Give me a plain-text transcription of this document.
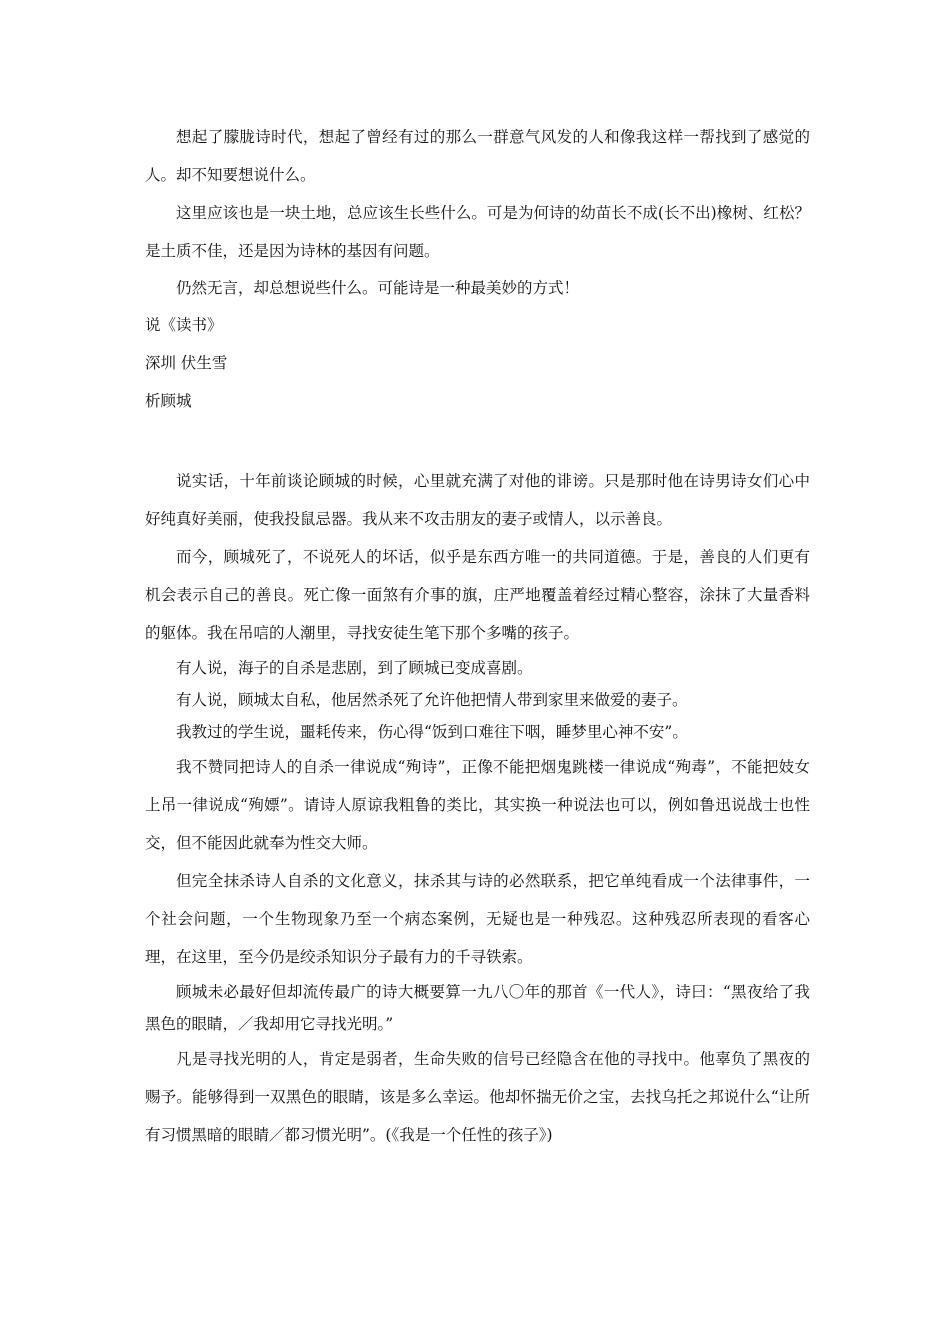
想起了朦胧诗时代，想起了曾经有过的那么一群意气风发的人和像我这样一帮找到了感觉的人。却不知要想说什么。

这里应该也是一块土地，总应该生长些什么。可是为何诗的幼苗长不成(长不出)橡树、红松？是土质不佳，还是因为诗林的基因有问题。

仍然无言，却总想说些什么。可能诗是一种最美妙的方式！

说《读书》

深圳 伏生雪

析顾城

说实话，十年前谈论顾城的时候，心里就充满了对他的诽谤。只是那时他在诗男诗女们心中好纯真好美丽，使我投鼠忌器。我从来不攻击朋友的妻子或情人，以示善良。

而今，顾城死了，不说死人的坏话，似乎是东西方唯一的共同道德。于是，善良的人们更有机会表示自己的善良。死亡像一面煞有介事的旗，庄严地覆盖着经过精心整容，涂抹了大量香料的躯体。我在吊唁的人潮里，寻找安徒生笔下那个多嘴的孩子。

有人说，海子的自杀是悲剧，到了顾城已变成喜剧。

有人说，顾城太自私，他居然杀死了允许他把情人带到家里来做爱的妻子。

我教过的学生说，噩耗传来，伤心得“饭到口难往下咽，睡梦里心神不安”。

我不赞同把诗人的自杀一律说成“殉诗”，正像不能把烟鬼跳楼一律说成“殉毒”，不能把妓女上吊一律说成“殉嫖”。请诗人原谅我粗鲁的类比，其实换一种说法也可以，例如鲁迅说战士也性交，但不能因此就奉为性交大师。

但完全抹杀诗人自杀的文化意义，抹杀其与诗的必然联系，把它单纯看成一个法律事件，一个社会问题，一个生物现象乃至一个病态案例，无疑也是一种残忍。这种残忍所表现的看客心理，在这里，至今仍是绞杀知识分子最有力的千寻铁索。

顾城未必最好但却流传最广的诗大概要算一九八〇年的那首《一代人》，诗曰：“黑夜给了我黑色的眼睛，／我却用它寻找光明。”

凡是寻找光明的人，肯定是弱者，生命失败的信号已经隐含在他的寻找中。他辜负了黑夜的赐予。能够得到一双黑色的眼睛，该是多么幸运。他却怀揣无价之宝，去找乌托之邦说什么“让所有习惯黑暗的眼睛／都习惯光明”。(《我是一个任性的孩子》)
